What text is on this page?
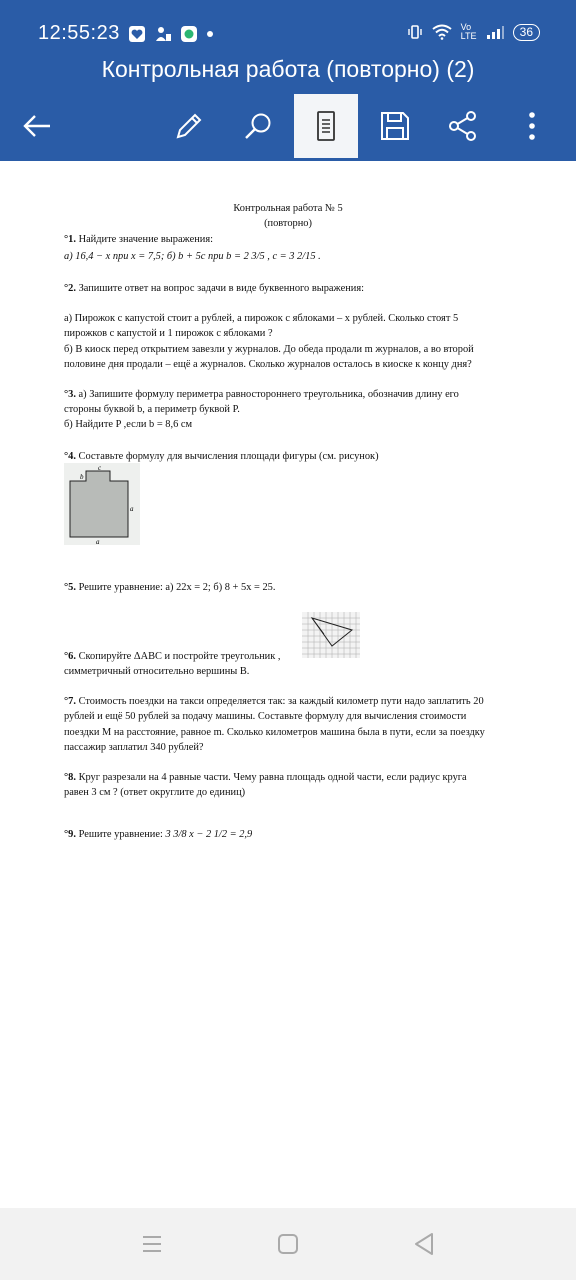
12:55:23	Vo LTE	36
Контрольная работа (повторно) (2)
Контрольная работа № 5
(повторно)
°1. Найдите значение выражения:
а) 16,4 − x при x = 7,5; б) b + 5c при b = 2 3/5 , c = 3 2/15 .
°2. Запишите ответ на вопрос задачи в виде буквенного выражения:
а) Пирожок с капустой стоит a рублей, а пирожок с яблоками – x рублей. Сколько стоят 5
пирожков с капустой и 1 пирожок с яблоками ?
б) В киоск перед открытием завезли y журналов. До обеда продали m журналов, а во второй
половине дня продали – ещё a журналов. Сколько журналов осталось в киоске к концу дня?
°3. а) Запишите формулу периметра равностороннего треугольника, обозначив длину его
стороны буквой b, а периметр буквой P.
б) Найдите P ,если b = 8,6 см
°4. Составьте формулу для вычисления площади фигуры (см. рисунок)
c
b
a
a
°5. Решите уравнение: а) 22x = 2; б) 8 + 5x = 25.
°6. Скопируйте ΔABC и постройте треугольник ,
симметричный относительно вершины В.
°7. Стоимость поездки на такси определяется так: за каждый километр пути надо заплатить 20
рублей и ещё 50 рублей за подачу машины. Составьте формулу для вычисления стоимости
поездки M на расстояние, равное m. Сколько километров машина была в пути, если за поездку
пассажир заплатил 340 рублей?
°8. Круг разрезали на 4 равные части. Чему равна площадь одной части, если радиус круга
равен 3 см ? (ответ округлите до единиц)
°9. Решите уравнение: 3 3/8 x − 2 1/2 = 2,9
